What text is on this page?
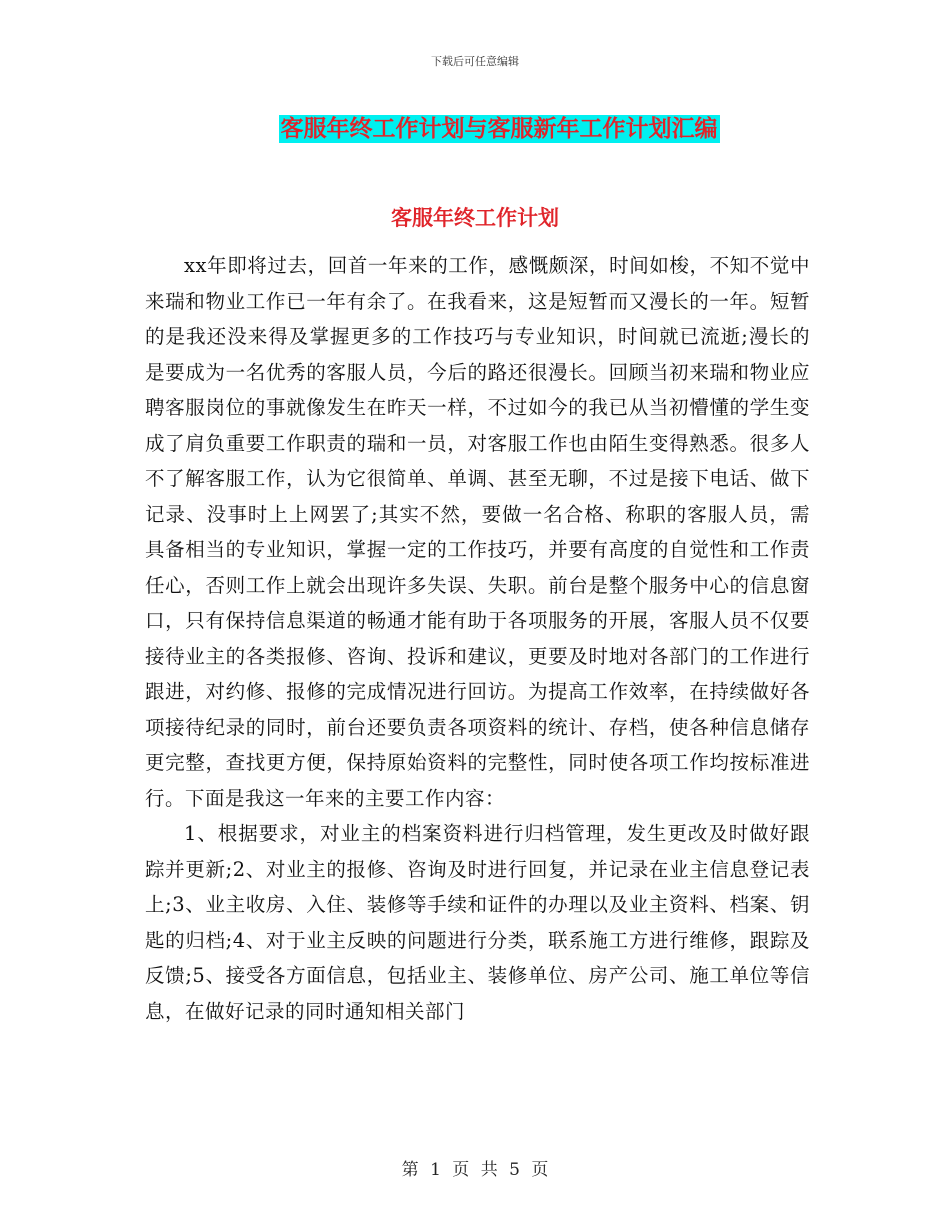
下载后可任意编辑
客服年终工作计划与客服新年工作计划汇编
客服年终工作计划

xx年即将过去，回首一年来的工作，感慨颇深，时间如梭，不知不觉中来瑞和物业工作已一年有余了。在我看来，这是短暂而又漫长的一年。短暂的是我还没来得及掌握更多的工作技巧与专业知识，时间就已流逝;漫长的是要成为一名优秀的客服人员，今后的路还很漫长。回顾当初来瑞和物业应聘客服岗位的事就像发生在昨天一样，不过如今的我已从当初懵懂的学生变成了肩负重要工作职责的瑞和一员，对客服工作也由陌生变得熟悉。很多人不了解客服工作，认为它很简单、单调、甚至无聊，不过是接下电话、做下记录、没事时上上网罢了;其实不然，要做一名合格、称职的客服人员，需具备相当的专业知识，掌握一定的工作技巧，并要有高度的自觉性和工作责任心，否则工作上就会出现许多失误、失职。前台是整个服务中心的信息窗口，只有保持信息渠道的畅通才能有助于各项服务的开展，客服人员不仅要接待业主的各类报修、咨询、投诉和建议，更要及时地对各部门的工作进行跟进，对约修、报修的完成情况进行回访。为提高工作效率，在持续做好各项接待纪录的同时，前台还要负责各项资料的统计、存档，使各种信息储存更完整，查找更方便，保持原始资料的完整性，同时使各项工作均按标准进行。下面是我这一年来的主要工作内容：

1、根据要求，对业主的档案资料进行归档管理，发生更改及时做好跟踪并更新;2、对业主的报修、咨询及时进行回复，并记录在业主信息登记表上;3、业主收房、入住、装修等手续和证件的办理以及业主资料、档案、钥匙的归档;4、对于业主反映的问题进行分类，联系施工方进行维修，跟踪及反馈;5、接受各方面信息，包括业主、装修单位、房产公司、施工单位等信息，在做好记录的同时通知相关部门

第 1 页 共 5 页
